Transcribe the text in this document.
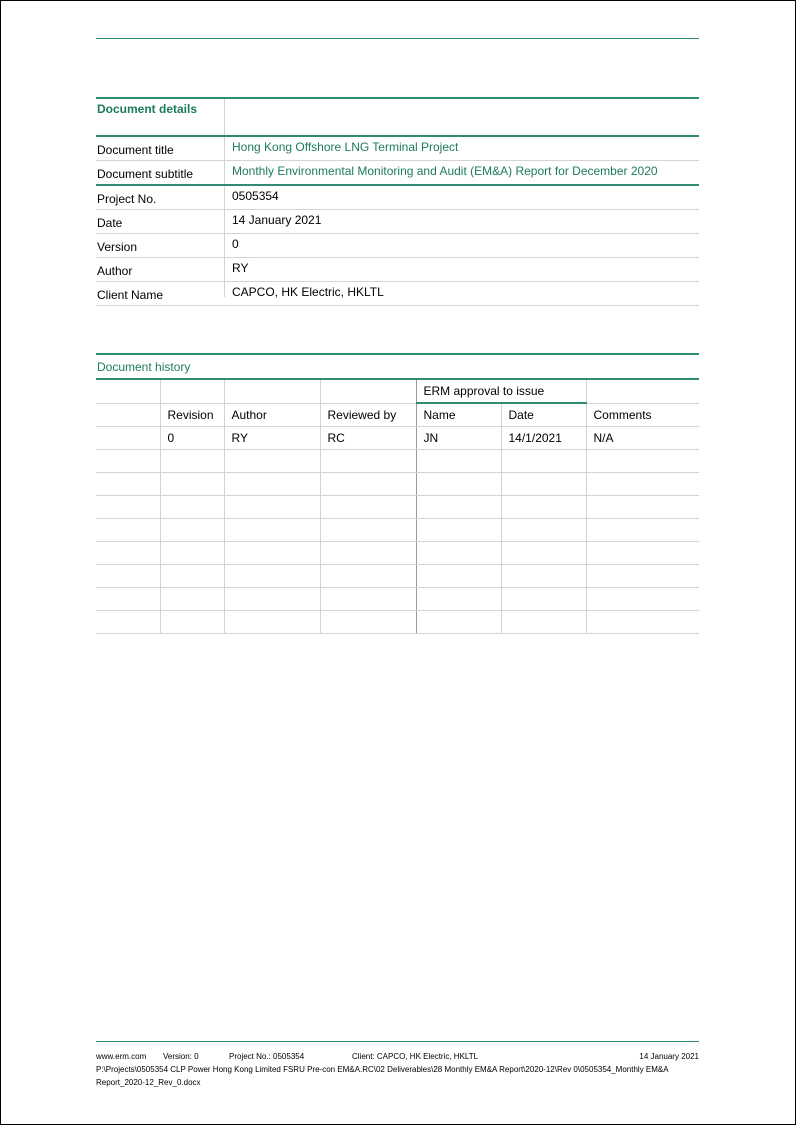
Document details
Document title	Hong Kong Offshore LNG Terminal Project
Document subtitle	Monthly Environmental Monitoring and Audit (EM&A) Report for December 2020
Project No.	0505354
Date	14 January 2021
Version	0
Author	RY
Client Name	CAPCO, HK Electric, HKLTL
Document history
				ERM approval to issue		
	Revision	Author	Reviewed by	Name	Date	Comments
	0	RY	RC	JN	14/1/2021	N/A

www.erm.com Version: 0	Project No.: 0505354	Client: CAPCO, HK Electric, HKLTL	14 January 2021
P:\Projects\0505354 CLP Power Hong Kong Limited FSRU Pre-con EM&A.RC\02 Deliverables\28 Monthly EM&A Report\2020-12\Rev 0\0505354_Monthly EM&A Report_2020-12_Rev_0.docx
